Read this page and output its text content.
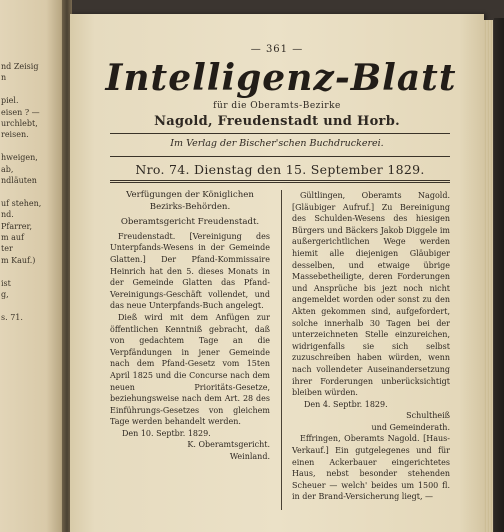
nd Zeisig
n
piel.
eisen ? —
urchlebt,
reisen.
hweigen,
ab,
ndläuten
uf stehen,
nd.
Pfarrer,
m auf
ter
m Kauf.)
ist
g,
s. 71.
— 361 —
Intelligenz-Blatt
für die Oberamts-Bezirke
Nagold, Freudenstadt und Horb.
Im Verlag der Bischer'schen Buchdruckerei.
Nro. 74. Dienstag den 15. September 1829.
Verfügungen der Königlichen Bezirks-Behörden.
Oberamtsgericht Freudenstadt.

Freudenstadt. [Vereinigung des Unterpfands-Wesens in der Gemeinde Glatten.] Der Pfand-Kommissaire Heinrich hat den 5. dieses Monats in der Gemeinde Glatten das Pfand-Vereinigungs-Geschäft vollendet, und das neue Unterpfands-Buch angelegt.

Dieß wird mit dem Anfügen zur öffentlichen Kenntniß gebracht, daß von gedachtem Tage an die Verpfändungen in jener Gemeinde nach dem Pfand-Gesetz vom 15ten April 1825 und die Concurse nach dem neuen Prioritäts-Gesetze, beziehungsweise nach dem Art. 28 des Einführungs-Gesetzes von gleichem Tage werden behandelt werden.

Den 10. Septbr. 1829.

K. Oberamtsgericht.

Weinland.

Gültlingen, Oberamts Nagold. [Gläubiger Aufruf.] Zu Bereinigung des Schulden-Wesens des hiesigen Bürgers und Bäckers Jakob Diggele im außergerichtlichen Wege werden hiemit alle diejenigen Gläubiger desselben, und etwaige übrige Massebetheiligte, deren Forderungen und Ansprüche bis jezt noch nicht angemeldet worden oder sonst zu den Akten gekommen sind, aufgefordert, solche innerhalb 30 Tagen bei der unterzeichneten Stelle einzureichen, widrigenfalls sie sich selbst zuzuschreiben haben würden, wenn nach vollendeter Auseinandersetzung ihrer Forderungen unberücksichtigt bleiben würden.

Den 4. Septbr. 1829.

Schultheiß

und Gemeinderath.

Effringen, Oberamts Nagold. [Haus-Verkauf.] Ein gutgelegenes und für einen Ackerbauer eingerichtetes Haus, nebst besonder stehenden Scheuer — welch' beides um 1500 fl. in der Brand-Versicherung liegt, —
